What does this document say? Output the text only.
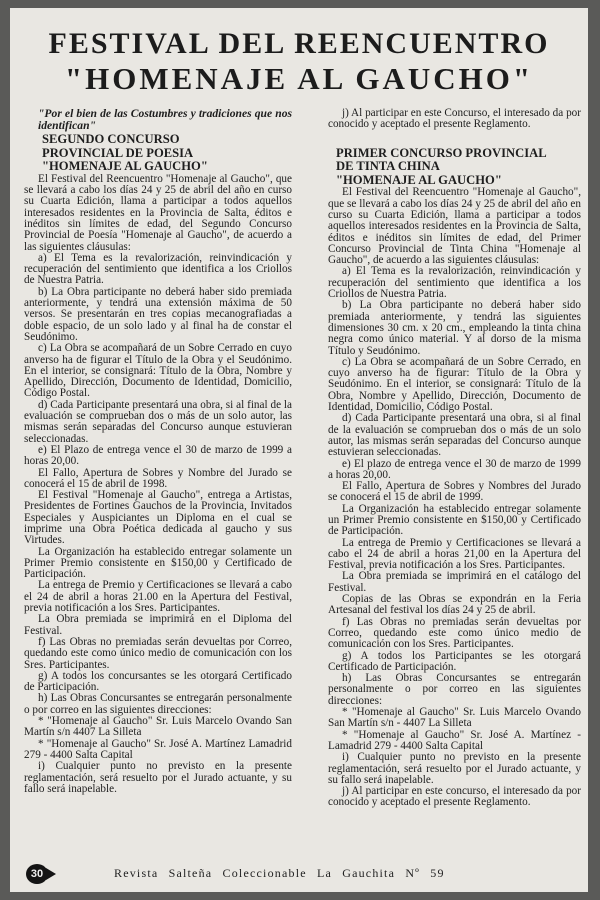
FESTIVAL DEL REENCUENTRO
"HOMENAJE AL GAUCHO"

"Por el bien de las Costumbres y tradiciones que nos identifican"

SEGUNDO CONCURSO

PROVINCIAL DE POESIA

"HOMENAJE AL GAUCHO"

El Festival del Reencuentro "Homenaje al Gaucho", que se llevará a cabo los días 24 y 25 de abril del año en curso su Cuarta Edición, llama a participar a todos aquellos interesados residentes en la Provincia de Salta, éditos e inéditos sin límites de edad, del Segundo Concurso Provincial de Poesía "Homenaje al Gaucho", de acuerdo a las siguientes cláusulas:

a) El Tema es la revalorización, reinvindicación y recuperación del sentimiento que identifica a los Criollos de Nuestra Patria.

b) La Obra participante no deberá haber sido premiada anteriormente, y tendrá una extensión máxima de 50 versos. Se presentarán en tres copias mecanografiadas a doble espacio, de un solo lado y al final ha de constar el Seudónimo.

c) La Obra se acompañará de un Sobre Cerrado en cuyo anverso ha de figurar el Título de la Obra y el Seudónimo. En el interior, se consignará: Título de la Obra, Nombre y Apellido, Dirección, Documento de Identidad, Domicilio, Código Postal.

d) Cada Participante presentará una obra, si al final de la evaluación se comprueban dos o más de un solo autor, las mismas serán separadas del Concurso aunque estuvieran seleccionadas.

e) El Plazo de entrega vence el 30 de marzo de 1999 a horas 20,00.

El Fallo, Apertura de Sobres y Nombre del Jurado se conocerá el 15 de abril de 1998.

El Festival "Homenaje al Gaucho", entrega a Artistas, Presidentes de Fortines Gauchos de la Provincia, Invitados Especiales y Auspiciantes un Diploma en el cual se imprime una Obra Poética dedicada al gaucho y sus Virtudes.

La Organización ha establecido entregar solamente un Primer Premio consistente en $150,00 y Certificado de Participación.

La entrega de Premio y Certificaciones se llevará a cabo el 24 de abril a horas 21.00 en la Apertura del Festival, previa notificación a los Sres. Participantes.

La Obra premiada se imprimirá en el Diploma del Festival.

f) Las Obras no premiadas serán devueltas por Correo, quedando este como único medio de comunicación con los Sres. Participantes.

g) A todos los concursantes se les otorgará Certificado de Participación.

h) Las Obras Concursantes se entregarán personalmente o por correo en las siguientes direcciones:

* "Homenaje al Gaucho" Sr. Luis Marcelo Ovando San Martín s/n 4407 La Silleta

* "Homenaje al Gaucho" Sr. José A. Martínez Lamadrid 279 - 4400 Salta Capital

i) Cualquier punto no previsto en la presente reglamentación, será resuelto por el Jurado actuante, y su fallo será inapelable.

j) Al participar en este Concurso, el interesado da por conocido y aceptado el presente Reglamento.

PRIMER CONCURSO PROVINCIAL

DE TINTA CHINA

"HOMENAJE AL GAUCHO"

El Festival del Reencuentro "Homenaje al Gaucho", que se llevará a cabo los días 24 y 25 de abril del año en curso su Cuarta Edición, llama a participar a todos aquellos interesados residentes en la Provincia de Salta, éditos e inéditos sin límites de edad, del Primer Concurso Provincial de Tinta China "Homenaje al Gaucho", de acuerdo a las siguientes cláusulas:

a) El Tema es la revalorización, reinvindicación y recuperación del sentimiento que identifica a los Criollos de Nuestra Patria.

b) La Obra participante no deberá haber sido premiada anteriormente, y tendrá las siguientes dimensiones 30 cm. x 20 cm., empleando la tinta china negra como único material. Y al dorso de la misma Título y Seudónimo.

c) La Obra se acompañará de un Sobre Cerrado, en cuyo anverso ha de figurar: Título de la Obra y Seudónimo. En el interior, se consignará: Título de la Obra, Nombre y Apellido, Dirección, Documento de Identidad, Domicilio, Código Postal.

d) Cada Participante presentará una obra, si al final de la evaluación se comprueban dos o más de un solo autor, las mismas serán separadas del Concurso aunque estuvieran seleccionadas.

e) El plazo de entrega vence el 30 de marzo de 1999 a horas 20,00.

El Fallo, Apertura de Sobres y Nombres del Jurado se conocerá el 15 de abril de 1999.

La Organización ha establecido entregar solamente un Primer Premio consistente en $150,00 y Certificado de Participación.

La entrega de Premio y Certificaciones se llevará a cabo el 24 de abril a horas 21,00 en la Apertura del Festival, previa notificación a los Sres. Participantes.

La Obra premiada se imprimirá en el catálogo del Festival.

Copias de las Obras se expondrán en la Feria Artesanal del festival los días 24 y 25 de abril.

f) Las Obras no premiadas serán devueltas por Correo, quedando este como único medio de comunicación con los Sres. Participantes.

g) A todos los Participantes se les otorgará Certificado de Participación.

h) Las Obras Concursantes se entregarán personalmente o por correo en las siguientes direcciones:

* "Homenaje al Gaucho" Sr. Luis Marcelo Ovando San Martín s/n - 4407 La Silleta

* "Homenaje al Gaucho" Sr. José A. Martínez - Lamadrid 279 - 4400 Salta Capital

i) Cualquier punto no previsto en la presente reglamentación, será resuelto por el Jurado actuante, y su fallo será inapelable.

j) Al participar en este concurso, el interesado da por conocido y aceptado el presente Reglamento.

30	Revista Salteña Coleccionable La Gauchita Nº 59
